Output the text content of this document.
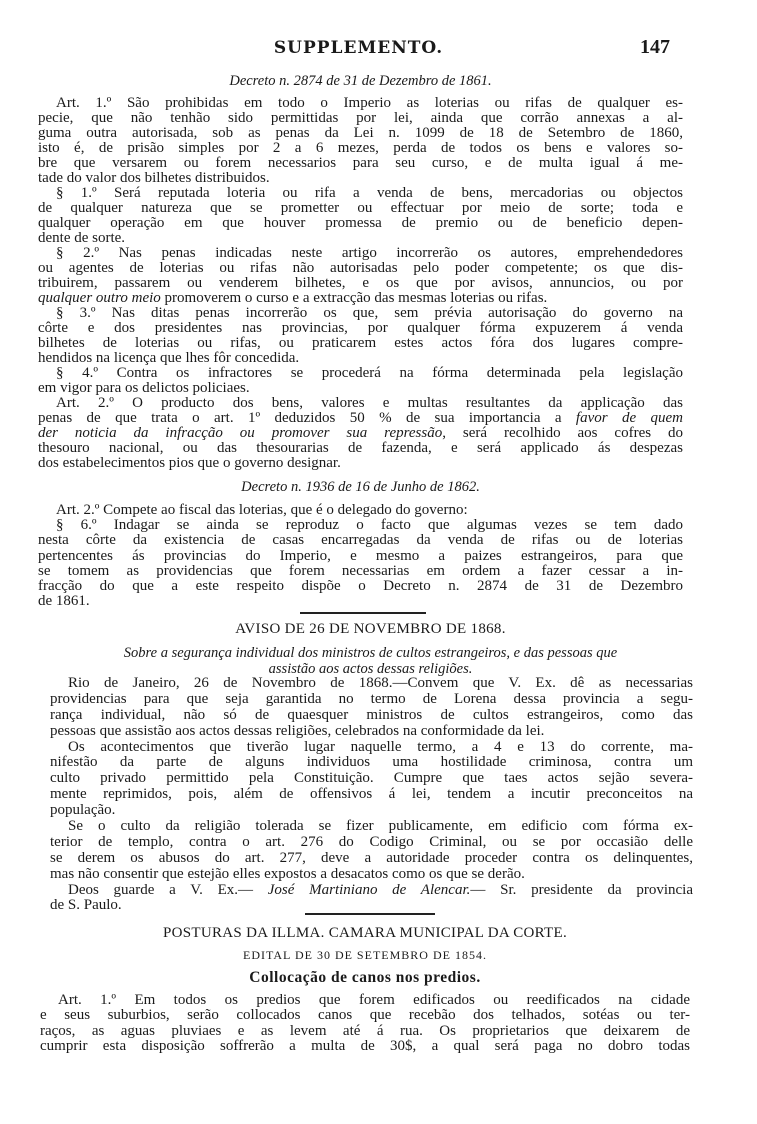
SUPPLEMENTO.	147
Decreto n. 2874 de 31 de Dezembro de 1861.
Art. 1.º São prohibidas em todo o Imperio as loterias ou rifas de qualquer es-
pecie, que não tenhão sido permittidas por lei, ainda que corrão annexas a al-
guma outra autorisada, sob as penas da Lei n. 1099 de 18 de Setembro de 1860,
isto é, de prisão simples por 2 a 6 mezes, perda de todos os bens e valores so-
bre que versarem ou forem necessarios para seu curso, e de multa igual á me-
tade do valor dos bilhetes distribuidos.
§ 1.º Será reputada loteria ou rifa a venda de bens, mercadorias ou objectos
de qualquer natureza que se prometter ou effectuar por meio de sorte; toda e
qualquer operação em que houver promessa de premio ou de beneficio depen-
dente de sorte.
§ 2.º Nas penas indicadas neste artigo incorrerão os autores, emprehendedores
ou agentes de loterias ou rifas não autorisadas pelo poder competente; os que dis-
tribuirem, passarem ou venderem bilhetes, e os que por avisos, annuncios, ou por
qualquer outro meio promoverem o curso e a extracção das mesmas loterias ou rifas.
§ 3.º Nas ditas penas incorrerão os que, sem prévia autorisação do governo na
côrte e dos presidentes nas provincias, por qualquer fórma expuzerem á venda
bilhetes de loterias ou rifas, ou praticarem estes actos fóra dos lugares compre-
hendidos na licença que lhes fôr concedida.
§ 4.º Contra os infractores se procederá na fórma determinada pela legislação
em vigor para os delictos policiaes.
Art. 2.º O producto dos bens, valores e multas resultantes da applicação das
penas de que trata o art. 1º deduzidos 50 % de sua importancia a favor de quem
der noticia da infracção ou promover sua repressão, será recolhido aos cofres do
thesouro nacional, ou das thesourarias de fazenda, e será applicado ás despezas
dos estabelecimentos pios que o governo designar.
Decreto n. 1936 de 16 de Junho de 1862.
Art. 2.º Compete ao fiscal das loterias, que é o delegado do governo:
§ 6.º Indagar se ainda se reproduz o facto que algumas vezes se tem dado
nesta côrte da existencia de casas encarregadas da venda de rifas ou de loterias
pertencentes ás provincias do Imperio, e mesmo a paizes estrangeiros, para que
se tomem as providencias que forem necessarias em ordem a fazer cessar a in-
fracção do que a este respeito dispõe o Decreto n. 2874 de 31 de Dezembro
de 1861.
AVISO DE 26 DE NOVEMBRO DE 1868.
Sobre a segurança individual dos ministros de cultos estrangeiros, e das pessoas que
assistão aos actos dessas religiões.
Rio de Janeiro, 26 de Novembro de 1868.—Convem que V. Ex. dê as necessarias
providencias para que seja garantida no termo de Lorena dessa provincia a segu-
rança individual, não só de quaesquer ministros de cultos estrangeiros, como das
pessoas que assistão aos actos dessas religiões, celebrados na conformidade da lei.
Os acontecimentos que tiverão lugar naquelle termo, a 4 e 13 do corrente, ma-
nifestão da parte de alguns individuos uma hostilidade criminosa, contra um
culto privado permittido pela Constituição. Cumpre que taes actos sejão severa-
mente reprimidos, pois, além de offensivos á lei, tendem a incutir preconceitos na
população.
Se o culto da religião tolerada se fizer publicamente, em edificio com fórma ex-
terior de templo, contra o art. 276 do Codigo Criminal, ou se por occasião delle
se derem os abusos do art. 277, deve a autoridade proceder contra os delinquentes,
mas não consentir que estejão elles expostos a desacatos como os que se derão.
Deos guarde a V. Ex.— José Martiniano de Alencar.— Sr. presidente da provincia
de S. Paulo.
POSTURAS DA ILLMA. CAMARA MUNICIPAL DA CORTE.
EDITAL DE 30 DE SETEMBRO DE 1854.
Collocação de canos nos predios.
Art. 1.º Em todos os predios que forem edificados ou reedificados na cidade
e seus suburbios, serão collocados canos que recebão dos telhados, sotéas ou ter-
raços, as aguas pluviaes e as levem até á rua. Os proprietarios que deixarem de
cumprir esta disposição soffrerão a multa de 30$, a qual será paga no dobro todas
